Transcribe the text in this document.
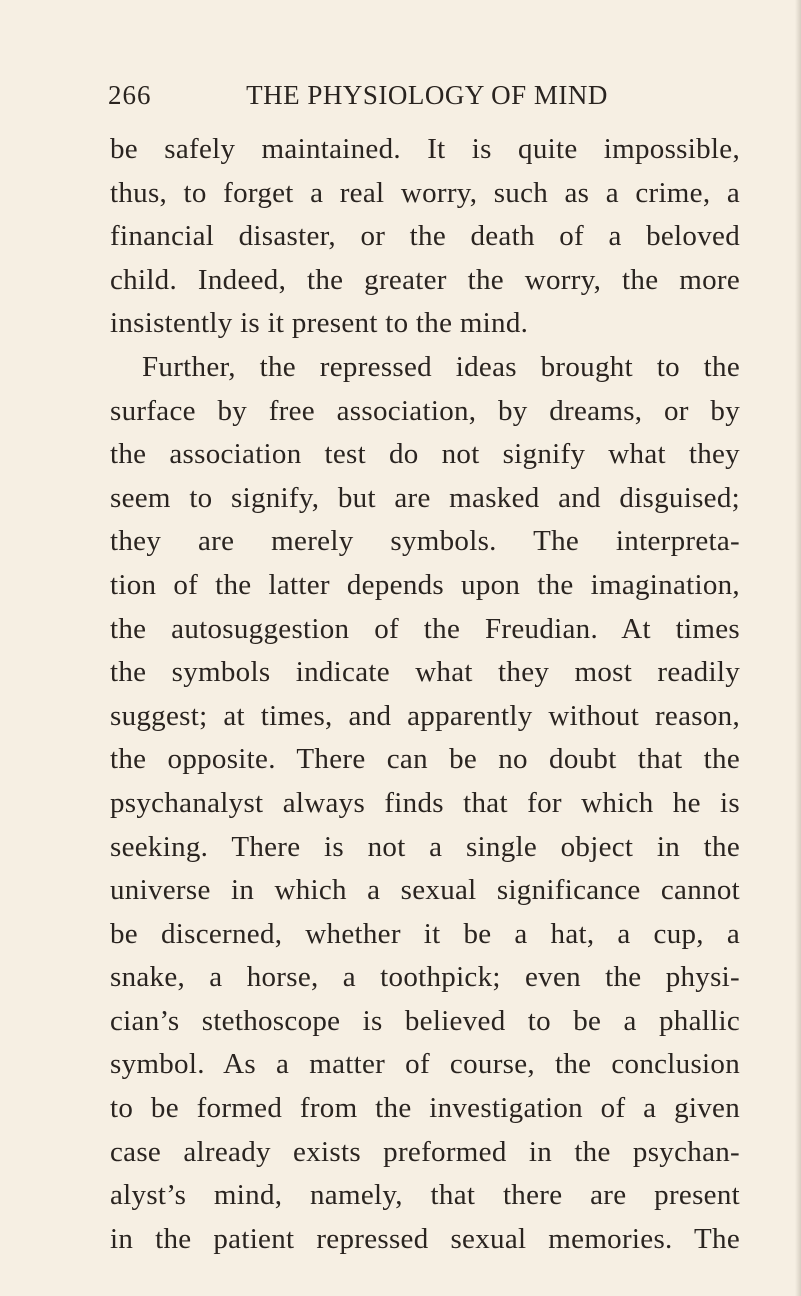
THE PHYSIOLOGY OF MIND
266
be safely maintained. It is quite impossible,
thus, to forget a real worry, such as a crime, a
financial disaster, or the death of a beloved
child. Indeed, the greater the worry, the more
insistently is it present to the mind.
Further, the repressed ideas brought to the
surface by free association, by dreams, or by
the association test do not signify what they
seem to signify, but are masked and disguised;
they are merely symbols. The interpreta-
tion of the latter depends upon the imagination,
the autosuggestion of the Freudian. At times
the symbols indicate what they most readily
suggest; at times, and apparently without reason,
the opposite. There can be no doubt that the
psychanalyst always finds that for which he is
seeking. There is not a single object in the
universe in which a sexual significance cannot
be discerned, whether it be a hat, a cup, a
snake, a horse, a toothpick; even the physi-
cian’s stethoscope is believed to be a phallic
symbol. As a matter of course, the conclusion
to be formed from the investigation of a given
case already exists preformed in the psychan-
alyst’s mind, namely, that there are present
in the patient repressed sexual memories. The
